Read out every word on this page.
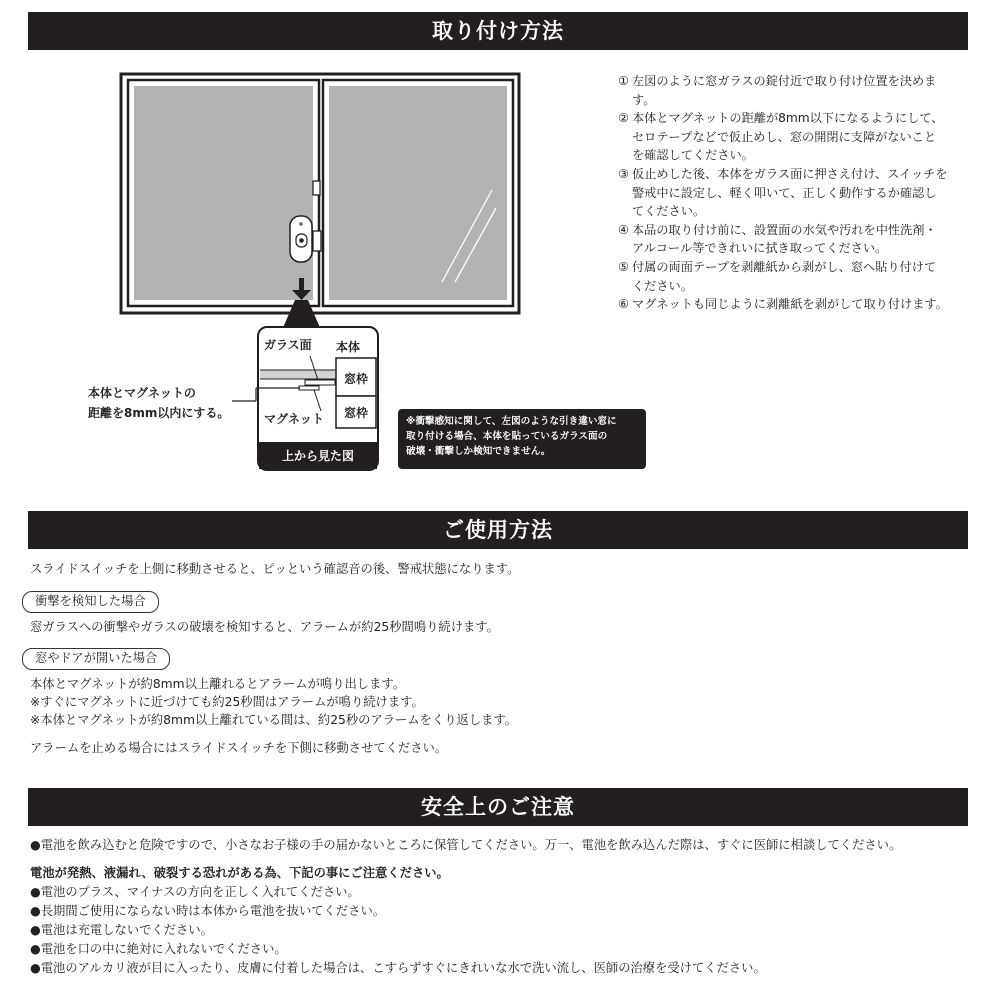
取り付け方法
ご使用方法
安全上のご注意
ガラス面 本体
窓枠
マグネット 窓枠
上から見た図
本体とマグネットの
距離を8mm以内にする。
※衝撃感知に関して、左図のような引き違い窓に
取り付ける場合、本体を貼っているガラス面の
破壊・衝撃しか検知できません。
① 左図のように窓ガラスの錠付近で取り付け位置を決めます。
② 本体とマグネットの距離が8mm以下になるようにして、セロテープなどで仮止めし、窓の開閉に支障がないことを確認してください。
③ 仮止めした後、本体をガラス面に押さえ付け、スイッチを警戒中に設定し、軽く叩いて、正しく動作するか確認してください。
④ 本品の取り付け前に、設置面の水気や汚れを中性洗剤・アルコール等できれいに拭き取ってください。
⑤ 付属の両面テープを剥離紙から剥がし、窓へ貼り付けてください。
⑥ マグネットも同じように剥離紙を剥がして取り付けます。
スライドスイッチを上側に移動させると、ピッという確認音の後、警戒状態になります。
衝撃を検知した場合
窓ガラスへの衝撃やガラスの破壊を検知すると、アラームが約25秒間鳴り続けます。
窓やドアが開いた場合
本体とマグネットが約8mm以上離れるとアラームが鳴り出します。
※すぐにマグネットに近づけても約25秒間はアラームが鳴り続けます。
※本体とマグネットが約8mm以上離れている間は、約25秒のアラームをくり返します。
アラームを止める場合にはスライドスイッチを下側に移動させてください。
●電池を飲み込むと危険ですので、小さなお子様の手の届かないところに保管してください。万一、電池を飲み込んだ際は、すぐに医師に相談してください。
電池が発熱、液漏れ、破裂する恐れがある為、下記の事にご注意ください。
●電池のプラス、マイナスの方向を正しく入れてください。
●長期間ご使用にならない時は本体から電池を抜いてください。
●電池は充電しないでください。
●電池を口の中に絶対に入れないでください。
●電池のアルカリ液が目に入ったり、皮膚に付着した場合は、こすらずすぐにきれいな水で洗い流し、医師の治療を受けてください。
